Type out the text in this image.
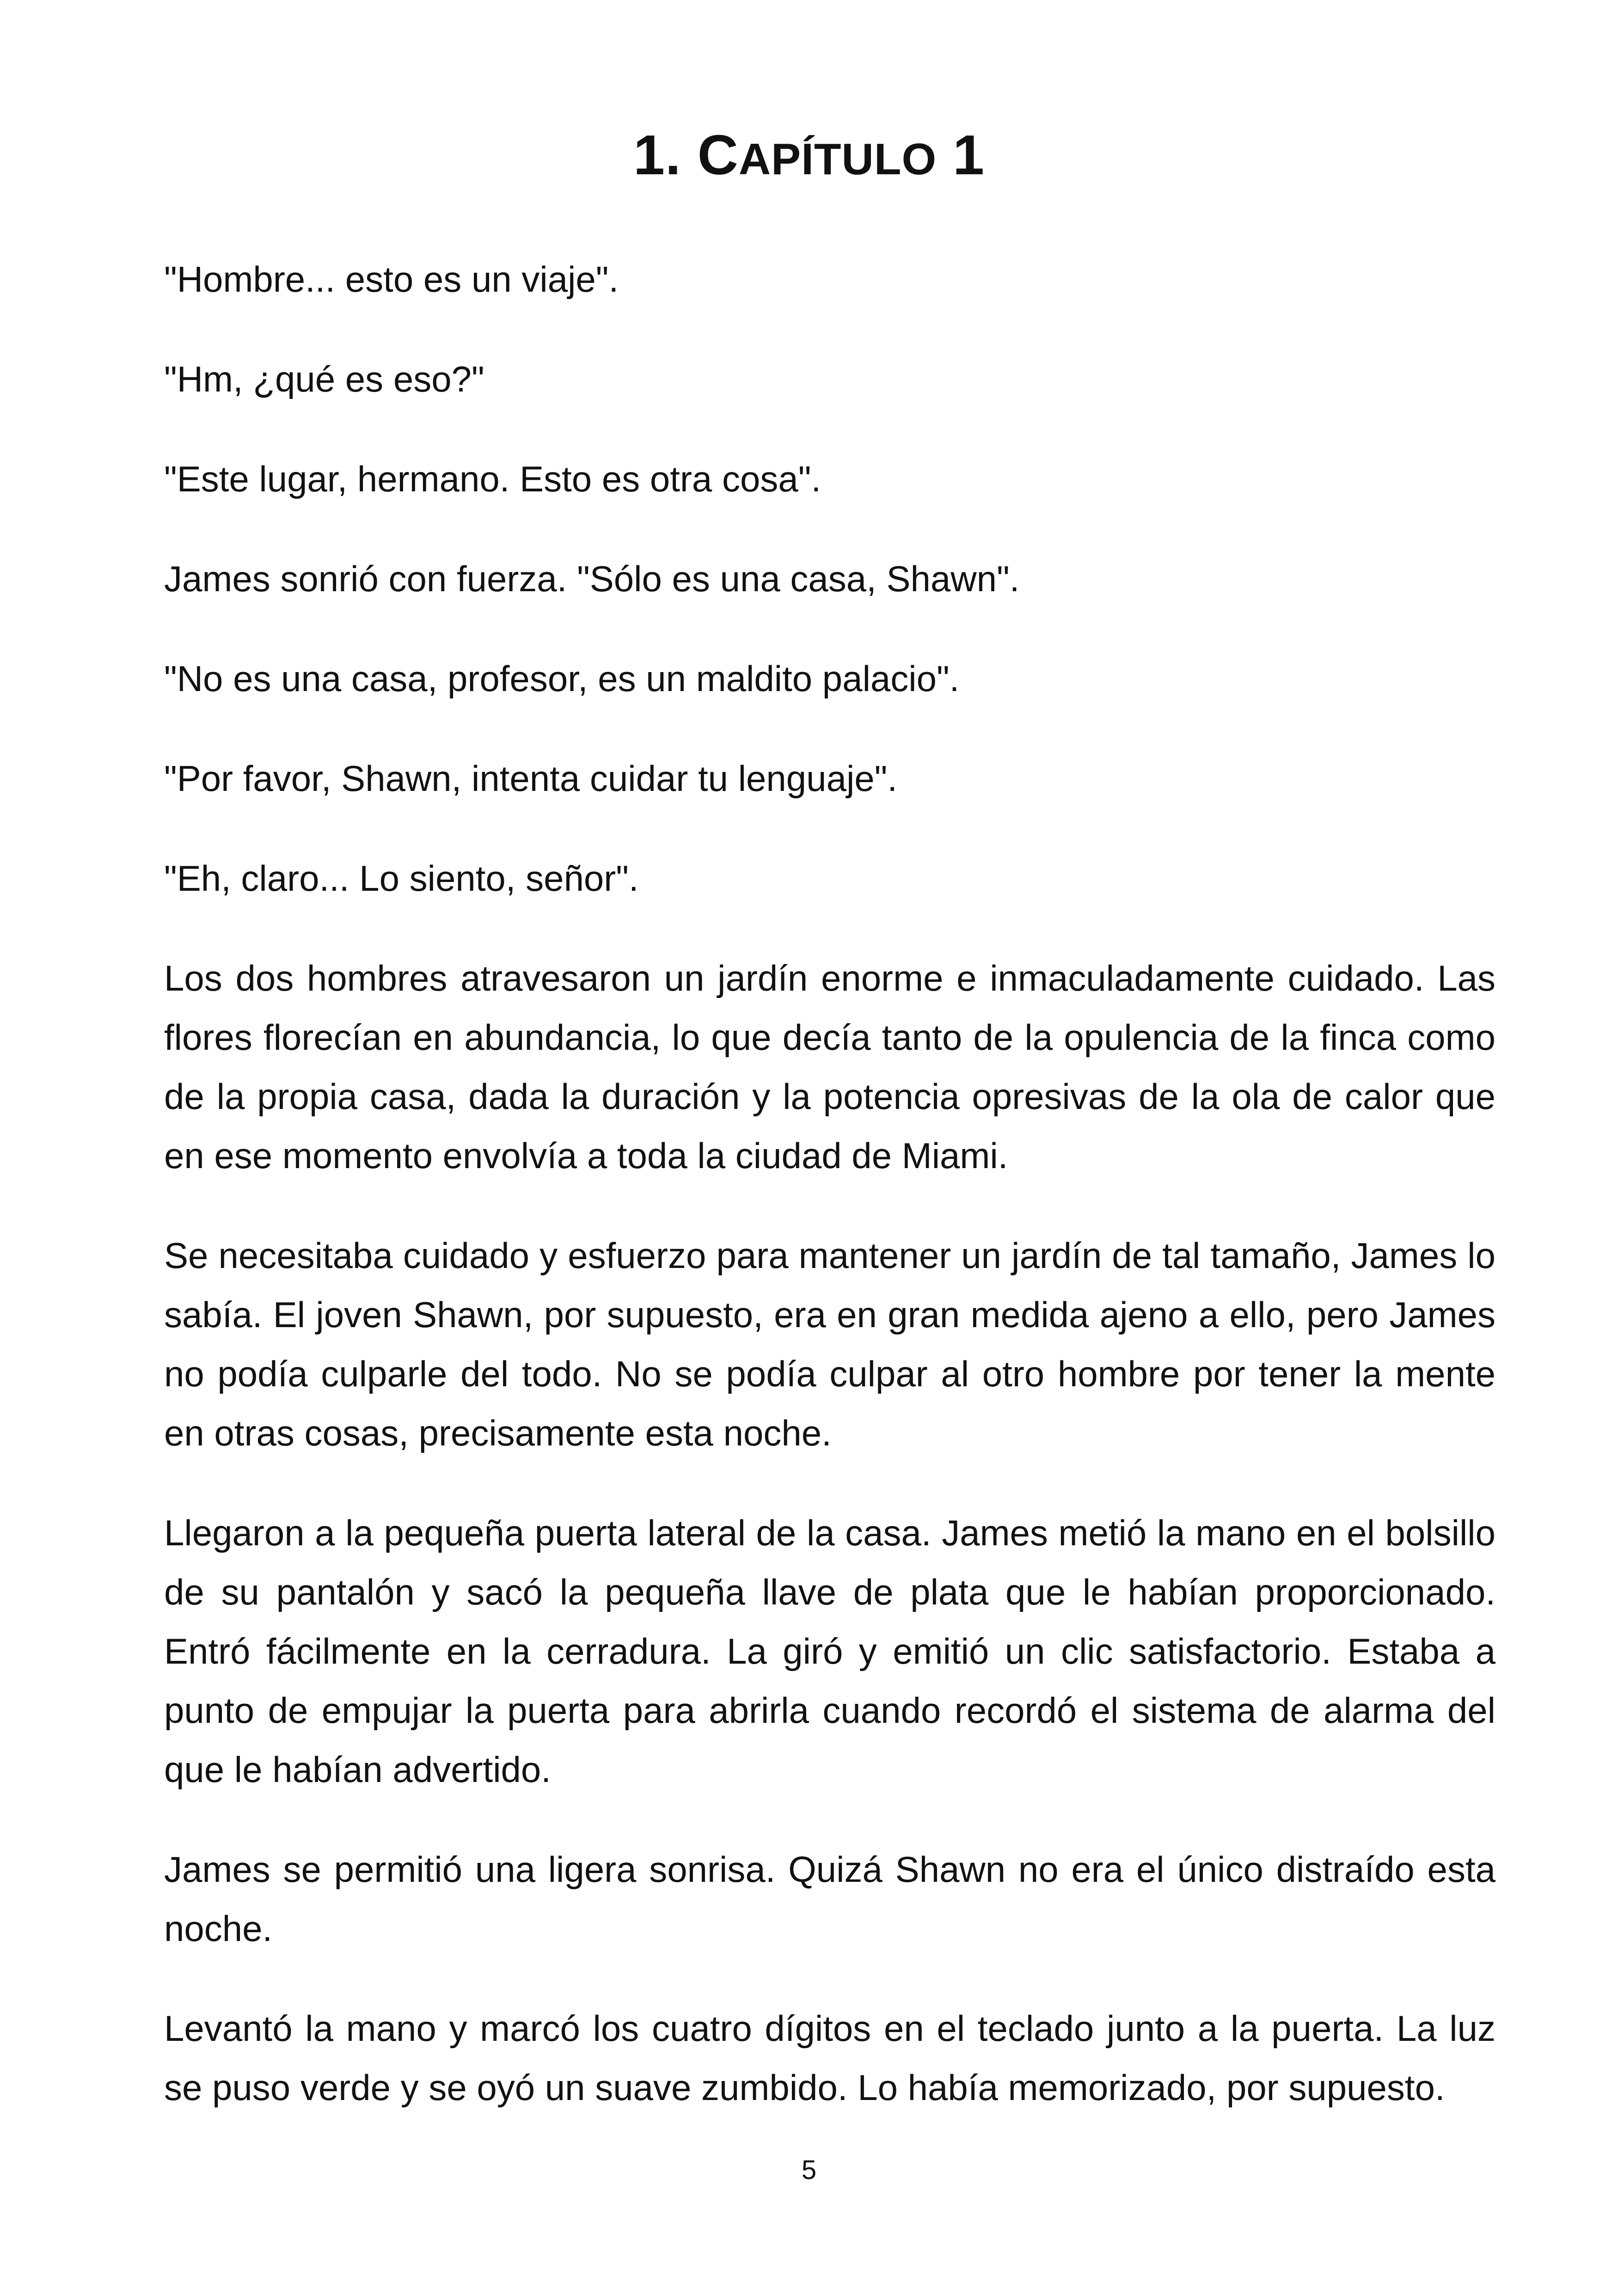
1. CAPÍTULO 1

"Hombre... esto es un viaje".

"Hm, ¿qué es eso?"

"Este lugar, hermano. Esto es otra cosa".

James sonrió con fuerza. "Sólo es una casa, Shawn".

"No es una casa, profesor, es un maldito palacio".

"Por favor, Shawn, intenta cuidar tu lenguaje".

"Eh, claro... Lo siento, señor".

Los dos hombres atravesaron un jardín enorme e inmaculadamente cuidado. Las flores florecían en abundancia, lo que decía tanto de la opulencia de la finca como de la propia casa, dada la duración y la potencia opresivas de la ola de calor que en ese momento envolvía a toda la ciudad de Miami.

Se necesitaba cuidado y esfuerzo para mantener un jardín de tal tamaño, James lo sabía. El joven Shawn, por supuesto, era en gran medida ajeno a ello, pero James no podía culparle del todo. No se podía culpar al otro hombre por tener la mente en otras cosas, precisamente esta noche.

Llegaron a la pequeña puerta lateral de la casa. James metió la mano en el bolsillo de su pantalón y sacó la pequeña llave de plata que le habían proporcionado. Entró fácilmente en la cerradura. La giró y emitió un clic satisfactorio. Estaba a punto de empujar la puerta para abrirla cuando recordó el sistema de alarma del que le habían advertido.

James se permitió una ligera sonrisa. Quizá Shawn no era el único distraído esta noche.

Levantó la mano y marcó los cuatro dígitos en el teclado junto a la puerta. La luz se puso verde y se oyó un suave zumbido. Lo había memorizado, por supuesto.

5
